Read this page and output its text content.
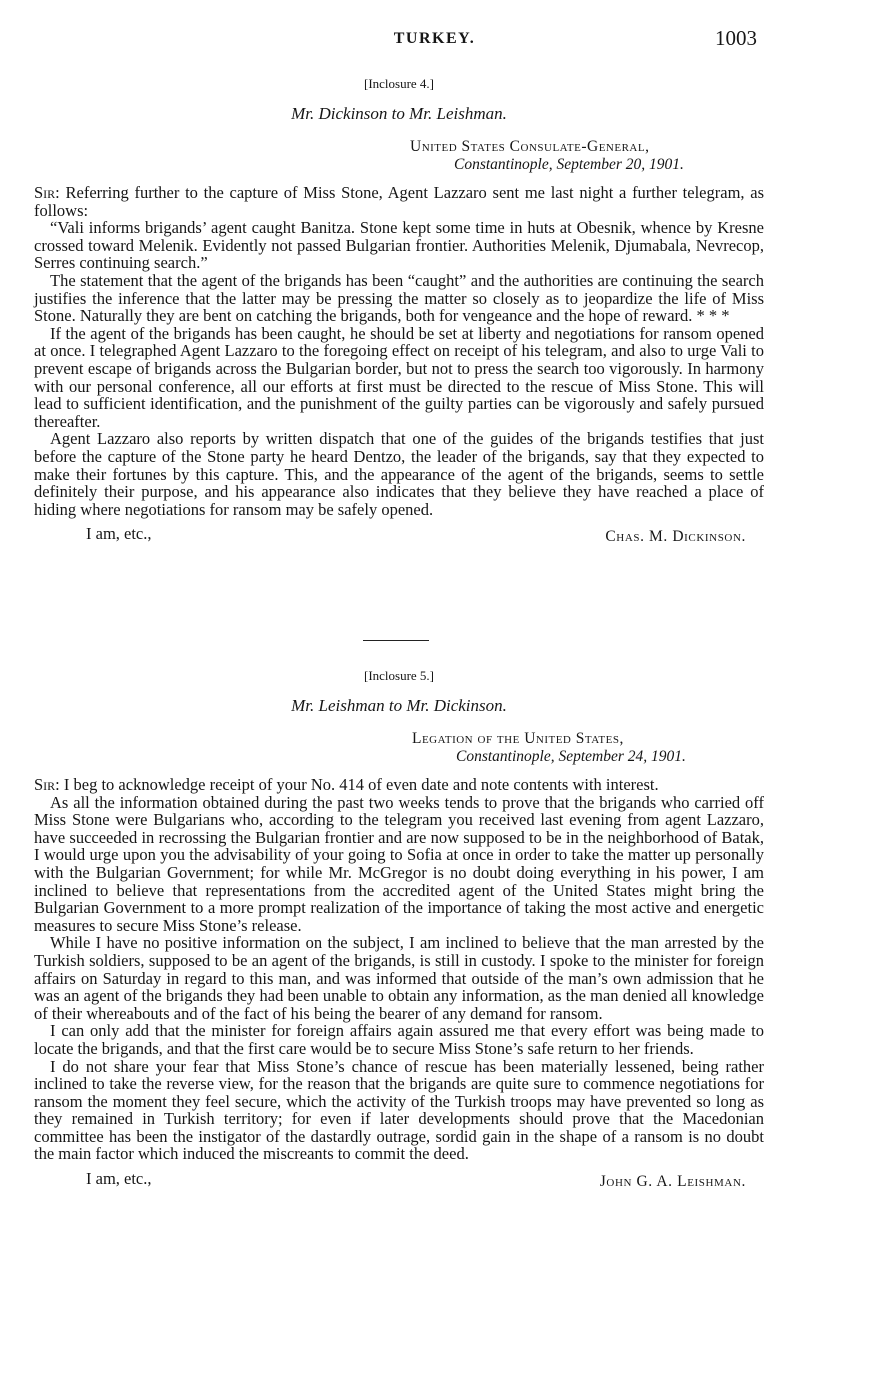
TURKEY.	1003
[Inclosure 4.]
Mr. Dickinson to Mr. Leishman.
United States Consulate-General,
Constantinople, September 20, 1901.

Sir: Referring further to the capture of Miss Stone, Agent Lazzaro sent me last night a further telegram, as follows:

“Vali informs brigands’ agent caught Banitza. Stone kept some time in huts at Obesnik, whence by Kresne crossed toward Melenik. Evidently not passed Bulgarian frontier. Authorities Melenik, Djumabala, Nevrecop, Serres continuing search.”

The statement that the agent of the brigands has been “caught” and the authorities are continuing the search justifies the inference that the latter may be pressing the matter so closely as to jeopardize the life of Miss Stone. Naturally they are bent on catching the brigands, both for vengeance and the hope of reward. * * *

If the agent of the brigands has been caught, he should be set at liberty and negotiations for ransom opened at once. I telegraphed Agent Lazzaro to the foregoing effect on receipt of his telegram, and also to urge Vali to prevent escape of brigands across the Bulgarian border, but not to press the search too vigorously. In harmony with our personal conference, all our efforts at first must be directed to the rescue of Miss Stone. This will lead to sufficient identification, and the punishment of the guilty parties can be vigorously and safely pursued thereafter.

Agent Lazzaro also reports by written dispatch that one of the guides of the brigands testifies that just before the capture of the Stone party he heard Dentzo, the leader of the brigands, say that they expected to make their fortunes by this capture. This, and the appearance of the agent of the brigands, seems to settle definitely their purpose, and his appearance also indicates that they believe they have reached a place of hiding where negotiations for ransom may be safely opened.

I am, etc.,	Chas. M. Dickinson.
[Inclosure 5.]
Mr. Leishman to Mr. Dickinson.
Legation of the United States,
Constantinople, September 24, 1901.

Sir: I beg to acknowledge receipt of your No. 414 of even date and note contents with interest.

As all the information obtained during the past two weeks tends to prove that the brigands who carried off Miss Stone were Bulgarians who, according to the telegram you received last evening from agent Lazzaro, have succeeded in recrossing the Bulgarian frontier and are now supposed to be in the neighborhood of Batak, I would urge upon you the advisability of your going to Sofia at once in order to take the matter up personally with the Bulgarian Government; for while Mr. McGregor is no doubt doing everything in his power, I am inclined to believe that representations from the accredited agent of the United States might bring the Bulgarian Government to a more prompt realization of the importance of taking the most active and energetic measures to secure Miss Stone’s release.

While I have no positive information on the subject, I am inclined to believe that the man arrested by the Turkish soldiers, supposed to be an agent of the brigands, is still in custody. I spoke to the minister for foreign affairs on Saturday in regard to this man, and was informed that outside of the man’s own admission that he was an agent of the brigands they had been unable to obtain any information, as the man denied all knowledge of their whereabouts and of the fact of his being the bearer of any demand for ransom.

I can only add that the minister for foreign affairs again assured me that every effort was being made to locate the brigands, and that the first care would be to secure Miss Stone’s safe return to her friends.

I do not share your fear that Miss Stone’s chance of rescue has been materially lessened, being rather inclined to take the reverse view, for the reason that the brigands are quite sure to commence negotiations for ransom the moment they feel secure, which the activity of the Turkish troops may have prevented so long as they remained in Turkish territory; for even if later developments should prove that the Macedonian committee has been the instigator of the dastardly outrage, sordid gain in the shape of a ransom is no doubt the main factor which induced the miscreants to commit the deed.

I am, etc.,	John G. A. Leishman.
